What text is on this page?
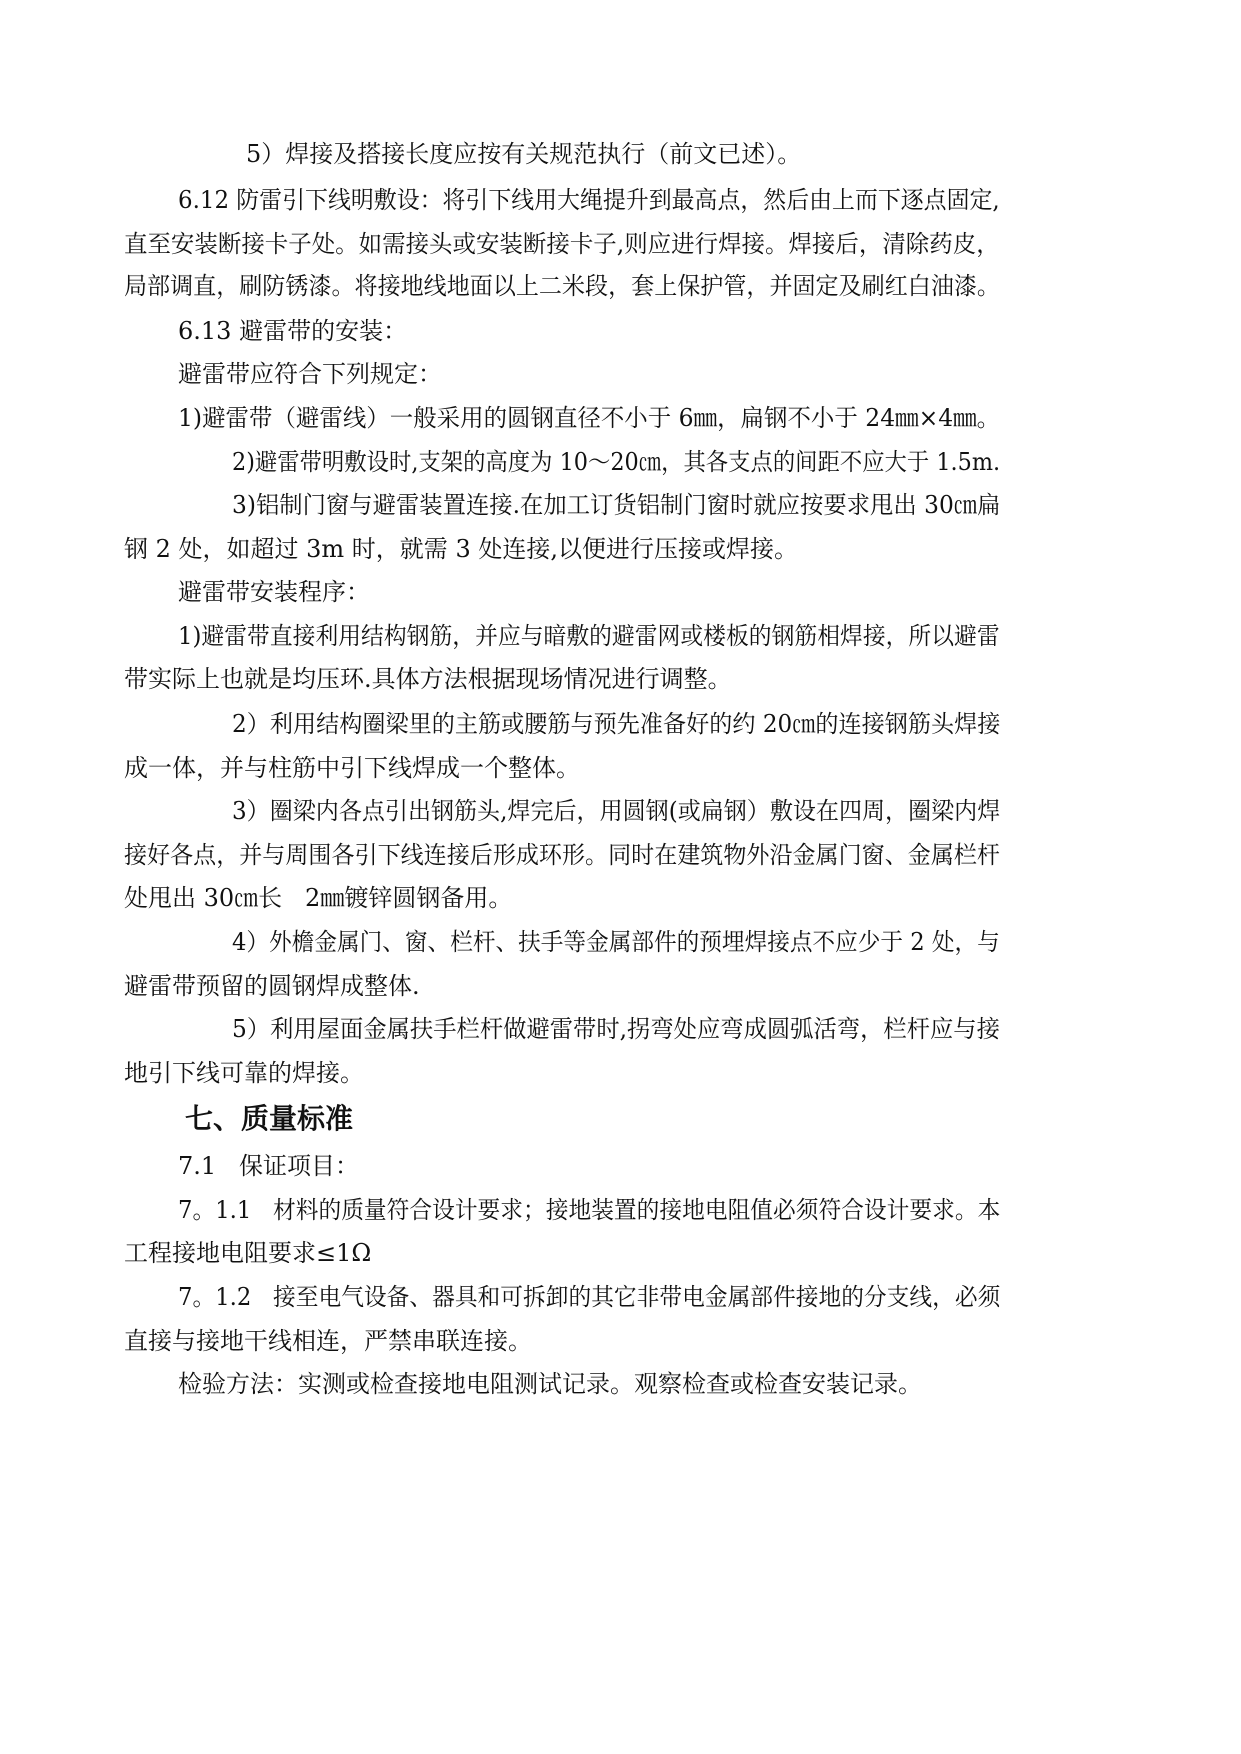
5）焊接及搭接长度应按有关规范执行（前文已述）。
6.12 防雷引下线明敷设：将引下线用大绳提升到最高点，然后由上而下逐点固定,
直至安装断接卡子处。如需接头或安装断接卡子,则应进行焊接。焊接后，清除药皮，
局部调直，刷防锈漆。将接地线地面以上二米段，套上保护管，并固定及刷红白油漆。
6.13 避雷带的安装：
避雷带应符合下列规定：
1)避雷带（避雷线）一般采用的圆钢直径不小于 6㎜，扁钢不小于 24㎜×4㎜。
2)避雷带明敷设时,支架的高度为 10～20㎝，其各支点的间距不应大于 1.5m.
3)铝制门窗与避雷装置连接.在加工订货铝制门窗时就应按要求甩出 30㎝扁
钢 2 处，如超过 3m 时，就需 3 处连接,以便进行压接或焊接。
避雷带安装程序：
1)避雷带直接利用结构钢筋，并应与暗敷的避雷网或楼板的钢筋相焊接，所以避雷
带实际上也就是均压环.具体方法根据现场情况进行调整。
2）利用结构圈梁里的主筋或腰筋与预先准备好的约 20㎝的连接钢筋头焊接
成一体，并与柱筋中引下线焊成一个整体。
3）圈梁内各点引出钢筋头,焊完后，用圆钢(或扁钢）敷设在四周，圈梁内焊
接好各点，并与周围各引下线连接后形成环形。同时在建筑物外沿金属门窗、金属栏杆
处甩出 30㎝长   2㎜镀锌圆钢备用。
4）外檐金属门、窗、栏杆、扶手等金属部件的预埋焊接点不应少于 2 处，与
避雷带预留的圆钢焊成整体.
5）利用屋面金属扶手栏杆做避雷带时,拐弯处应弯成圆弧活弯，栏杆应与接
地引下线可靠的焊接。
七、质量标准
7.1   保证项目：
7。1.1   材料的质量符合设计要求；接地装置的接地电阻值必须符合设计要求。本
工程接地电阻要求≤1Ω
7。1.2   接至电气设备、器具和可拆卸的其它非带电金属部件接地的分支线，必须
直接与接地干线相连，严禁串联连接。
检验方法：实测或检查接地电阻测试记录。观察检查或检查安装记录。
